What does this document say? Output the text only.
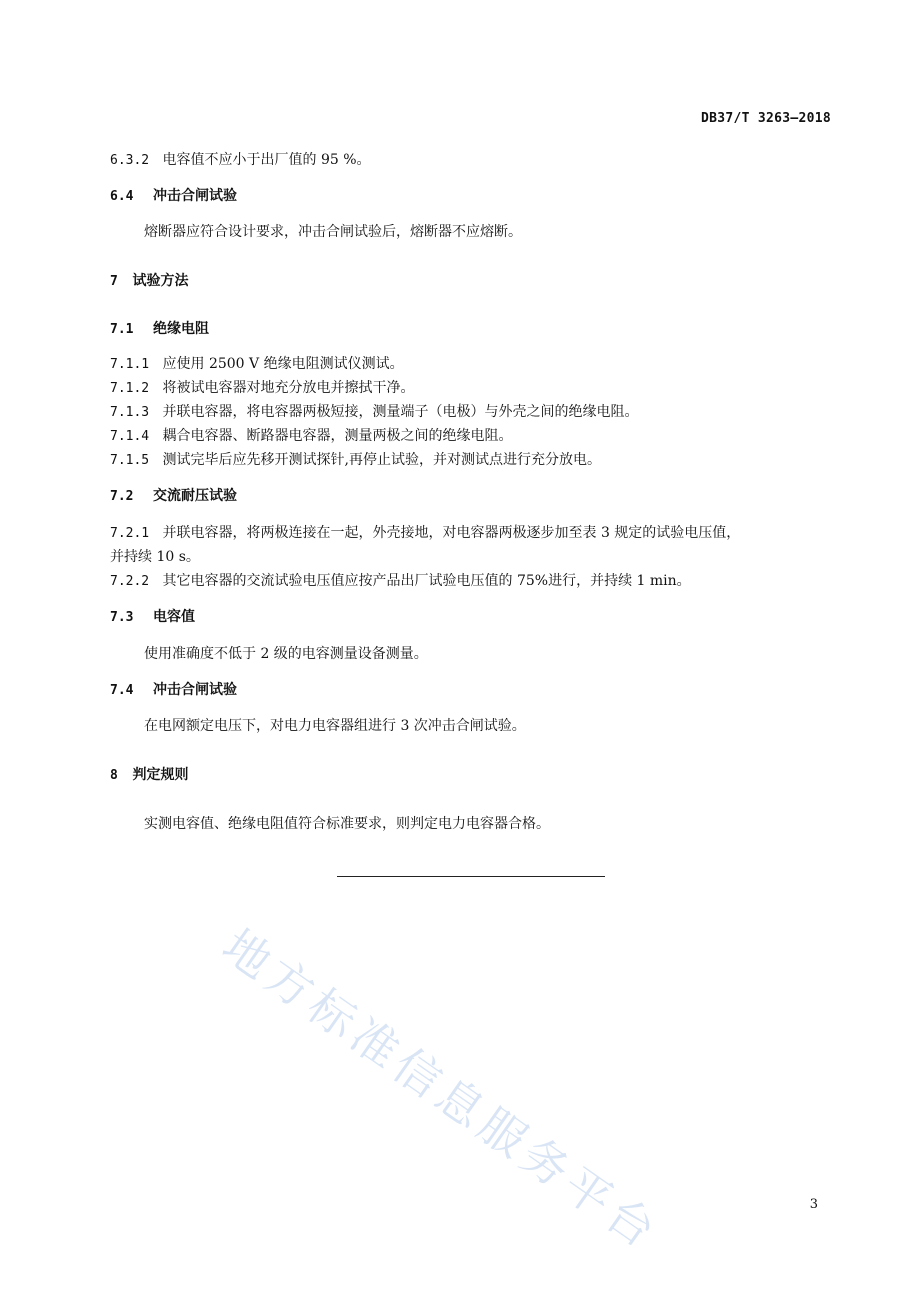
DB37/T 3263—2018
6.3.2 电容值不应小于出厂值的 95 %。
6.4 冲击合闸试验
熔断器应符合设计要求，冲击合闸试验后，熔断器不应熔断。
7 试验方法
7.1 绝缘电阻
7.1.1 应使用 2500 V 绝缘电阻测试仪测试。
7.1.2 将被试电容器对地充分放电并擦拭干净。
7.1.3 并联电容器，将电容器两极短接，测量端子（电极）与外壳之间的绝缘电阻。
7.1.4 耦合电容器、断路器电容器，测量两极之间的绝缘电阻。
7.1.5 测试完毕后应先移开测试探针,再停止试验，并对测试点进行充分放电。
7.2 交流耐压试验
7.2.1 并联电容器，将两极连接在一起，外壳接地，对电容器两极逐步加至表 3 规定的试验电压值，
并持续 10 s。
7.2.2 其它电容器的交流试验电压值应按产品出厂试验电压值的 75%进行，并持续 1 min。
7.3 电容值
使用准确度不低于 2 级的电容测量设备测量。
7.4 冲击合闸试验
在电网额定电压下，对电力电容器组进行 3 次冲击合闸试验。
8 判定规则
实测电容值、绝缘电阻值符合标准要求，则判定电力电容器合格。
地方标准信息服务平台	3
